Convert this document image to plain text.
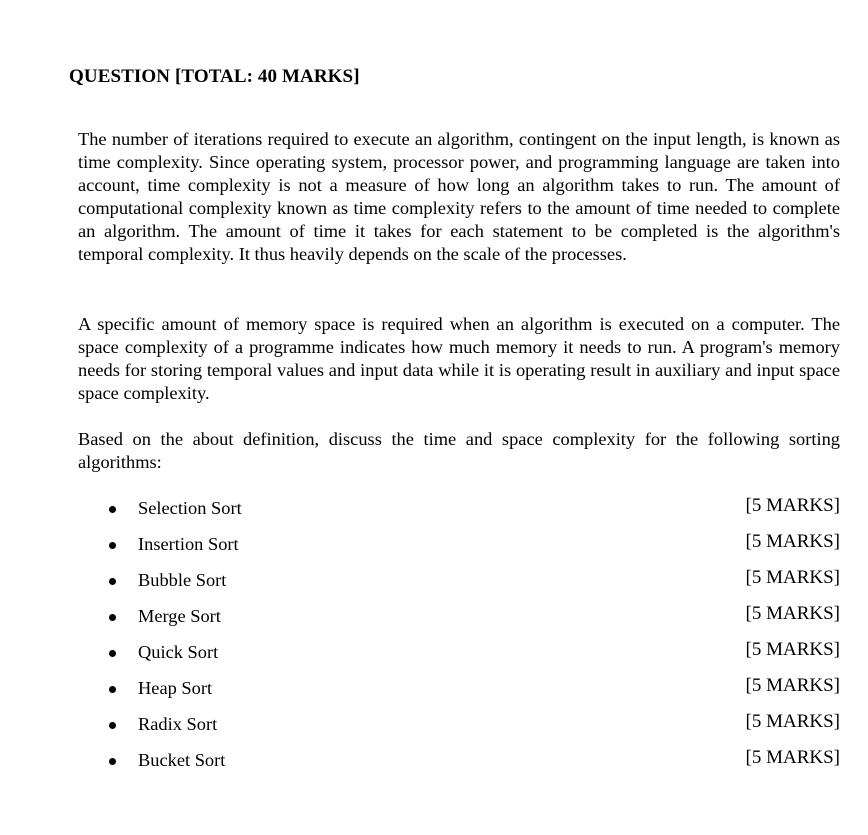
QUESTION [TOTAL: 40 MARKS]

The number of iterations required to execute an algorithm, contingent on the input length, is known as time complexity. Since operating system, processor power, and programming language are taken into account, time complexity is not a measure of how long an algorithm takes to run. The amount of computational complexity known as time complexity refers to the amount of time needed to complete an algorithm. The amount of time it takes for each statement to be completed is the algorithm's temporal complexity. It thus heavily depends on the scale of the processes.

A specific amount of memory space is required when an algorithm is executed on a computer. The space complexity of a programme indicates how much memory it needs to run. A program's memory needs for storing temporal values and input data while it is operating result in auxiliary and input space space complexity.

Based on the about definition, discuss the time and space complexity for the following sorting algorithms:

Selection Sort	[5 MARKS]
Insertion Sort	[5 MARKS]
Bubble Sort	[5 MARKS]
Merge Sort	[5 MARKS]
Quick Sort	[5 MARKS]
Heap Sort	[5 MARKS]
Radix Sort	[5 MARKS]
Bucket Sort	[5 MARKS]
